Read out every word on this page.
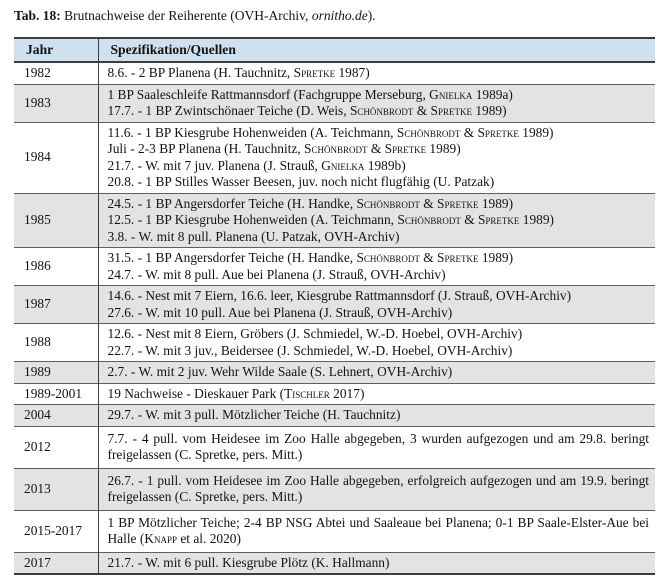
Tab. 18: Brutnachweise der Reiherente (OVH-Archiv, ornitho.de).
Jahr	Spezifikation/Quellen
1982	8.6. - 2 BP Planena (H. Tauchnitz, Spretke 1987)

1983	1 BP Saaleschleife Rattmannsdorf (Fachgruppe Merseburg, Gnielka 1989a)
17.7. - 1 BP Zwintschönaer Teiche (D. Weis, Schönbrodt & Spretke 1989)

1984	11.6. - 1 BP Kiesgrube Hohenweiden (A. Teichmann, Schönbrodt & Spretke 1989)
Juli - 2-3 BP Planena (H. Tauchnitz, Schönbrodt & Spretke 1989)
21.7. - W. mit 7 juv. Planena (J. Strauß, Gnielka 1989b)
20.8. - 1 BP Stilles Wasser Beesen, juv. noch nicht flugfähig (U. Patzak)

1985	24.5. - 1 BP Angersdorfer Teiche (H. Handke, Schönbrodt & Spretke 1989)
12.5. - 1 BP Kiesgrube Hohenweiden (A. Teichmann, Schönbrodt & Spretke 1989)
3.8. - W. mit 8 pull. Planena (U. Patzak, OVH-Archiv)

1986	31.5. - 1 BP Angersdorfer Teiche (H. Handke, Schönbrodt & Spretke 1989)
24.7. - W. mit 8 pull. Aue bei Planena (J. Strauß, OVH-Archiv)

1987	14.6. - Nest mit 7 Eiern, 16.6. leer, Kiesgrube Rattmannsdorf (J. Strauß, OVH-Archiv)
27.6. - W. mit 10 pull. Aue bei Planena (J. Strauß, OVH-Archiv)

1988	12.6. - Nest mit 8 Eiern, Gröbers (J. Schmiedel, W.-D. Hoebel, OVH-Archiv)
22.7. - W. mit 3 juv., Beidersee (J. Schmiedel, W.-D. Hoebel, OVH-Archiv)

1989	2.7. - W. mit 2 juv. Wehr Wilde Saale (S. Lehnert, OVH-Archiv)

1989-2001	19 Nachweise - Dieskauer Park (Tischler 2017)

2004	29.7. - W. mit 3 pull. Mötzlicher Teiche (H. Tauchnitz)

2012	7.7. - 4 pull. vom Heidesee im Zoo Halle abgegeben, 3 wurden aufgezogen und am 29.8. beringt freigelassen (C. Spretke, pers. Mitt.)

2013	26.7. - 1 pull. vom Heidesee im Zoo Halle abgegeben, erfolgreich aufgezogen und am 19.9. beringt freigelassen (C. Spretke, pers. Mitt.)

2015-2017	1 BP Mötzlicher Teiche; 2-4 BP NSG Abtei und Saaleaue bei Planena; 0-1 BP Saale-Elster-Aue bei Halle (Knapp et al. 2020)

2017	21.7. - W. mit 6 pull. Kiesgrube Plötz (K. Hallmann)
